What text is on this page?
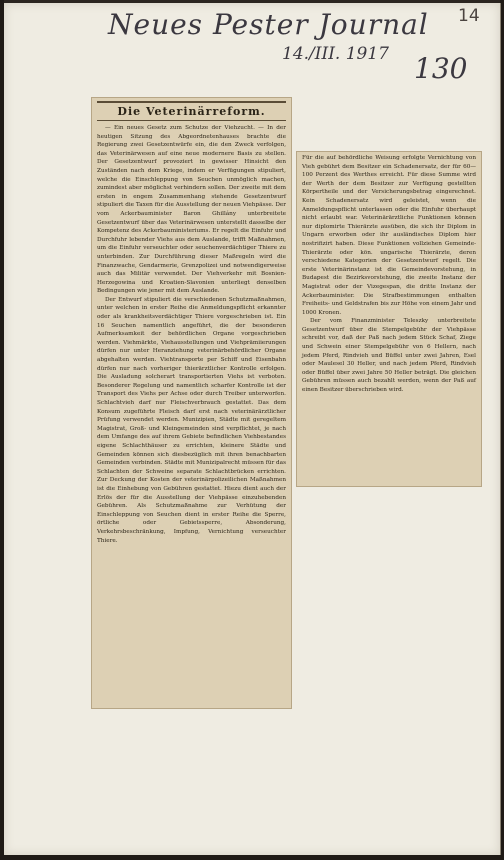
14
Neues Pester Journal
14./III. 1917 130
Die Veterinärreform.

— Ein neues Gesetz zum Schutze der Viehzucht. — In der heutigen Sitzung des Abgeordnetenhauses brachte die Regierung zwei Gesetzentwürfe ein, die den Zweck verfolgen, das Veterinärwesen auf eine neue modernere Basis zu stellen. Der Gesetzentwurf provoziert in gewisser Hinsicht den Zuständen nach dem Kriege, indem er Verfügungen stipuliert, welche die Einschleppung von Seuchen unmöglich machen, zumindest aber möglichst verhindern sollen. Der zweite mit dem ersten in engem Zusammenhang stehende Gesetzentwurf stipuliert die Taxen für die Ausstellung der neuen Viehpässe. Der vom Ackerbauminister Baron Ghillány unterbreitete Gesetzentwurf über das Veterinärwesen unterstellt dasselbe der Kompetenz des Ackerbauministeriums. Er regelt die Einfuhr und Durchfuhr lebender Viehs aus dem Auslande, trifft Maßnahmen, um die Einfuhr verseuchter oder seuchenverdächtiger Thiere zu unterbinden. Zur Durchführung dieser Maßregeln wird die Finanzwache, Gendarmerie, Grenzpolizei und notwendigerweise auch das Militär verwendet. Der Viehverkehr mit Bosnien-Herzegowina und Kroatien-Slavonien unterliegt denselben Bedingungen wie jener mit dem Auslande.

Der Entwurf stipuliert die verschiedenen Schutzmaßnahmen, unter welchen in erster Reihe die Anmeldungspflicht erkannter oder als krankheitsverdächtiger Thiere vorgeschrieben ist. Ein 16 Seuchen namentlich angeführt, die der besonderen Aufmerksamkeit der behördlichen Organe vorgeschrieben werden. Viehmärkte, Viehausstellungen und Viehprämiierungen dürfen nur unter Heranziehung veterinärbehördlicher Organe abgehalten werden. Viehtransporte per Schiff und Eisenbahn dürfen nur nach vorheriger thierärztlicher Kontrolle erfolgen. Die Ausladung solcherart transportierten Viehs ist verboten. Besonderer Regelung und namentlich scharfer Kontrolle ist der Transport des Viehs per Achse oder durch Treiber unterworfen. Schlachtvieh darf nur Fleischverbrauch gestattet. Das dem Konsum zugeführte Fleisch darf erst nach veterinärärztlicher Prüfung verwendet werden. Munizipien, Städte mit geregeltem Magistrat, Groß- und Kleingemeinden sind verpflichtet, je nach dem Umfange des auf ihrem Gebiete befindlichen Viehbestandes eigene Schlachthäuser zu errichten, kleinere Städte und Gemeinden können sich diesbezüglich mit ihren benachbarten Gemeinden verbinden. Städte mit Munizipalrecht müssen für das Schlachten der Schweine separate Schlachtbrücken errichten. Zur Deckung der Kosten der veterinärpolizeilichen Maßnahmen ist die Einhebung von Gebühren gestattet. Hiezu dient auch der Erlös der für die Ausstellung der Viehpässe einzuhebenden Gebühren. Als Schutzmaßnahme zur Verhütung der Einschleppung von Seuchen dient in erster Reihe die Sperre, örtliche oder Gebietssperre, Absonderung, Verkehrsbeschränkung, Impfung, Vernichtung verseuchter Thiere.

Für die auf behördliche Weisung erfolgte Vernichtung von Vieh gebührt dem Besitzer ein Schadenersatz, der für 60—100 Perzent des Werthes erreicht. Für diese Summe wird der Werth der dem Besitzer zur Verfügung gestellten Körpertheile und der Versicherungsbetrag eingerechnet. Kein Schadenersatz wird geleistet, wenn die Anmeldungspflicht unterlassen oder die Einfuhr überhaupt nicht erlaubt war. Veterinärärztliche Funktionen können nur diplomirte Thierärzte ausüben, die sich ihr Diplom in Ungarn erworben oder ihr ausländisches Diplom hier nostrifizirt haben. Diese Funktionen vollziehen Gemeinde-Thierärzte oder kön. ungarische Thierärzte, deren verschiedene Kategorien der Gesetzentwurf regelt. Die erste Veterinärinstanz ist die Gemeindevorstehung, in Budapest die Bezirksvorstehung, die zweite Instanz der Magistrat oder der Vizegespan, die dritte Instanz der Ackerbauminister. Die Strafbestimmungen enthalten Freiheits- und Geldstrafen bis zur Höhe von einem Jahr und 1000 Kronen.

Der vom Finanzminister Teleszky unterbreitete Gesetzentwurf über die Stempelgebühr der Viehpässe schreibt vor, daß der Paß nach jedem Stück Schaf, Ziege und Schwein einer Stempelgebühr von 6 Hellern, nach jedem Pferd, Rindvieh und Büffel unter zwei Jahren, Esel oder Maulesel 30 Heller, und nach jedem Pferd, Rindvieh oder Büffel über zwei Jahre 50 Heller beträgt. Die gleichen Gebühren müssen auch bezahlt werden, wenn der Paß auf einen Besitzer überschrieben wird.
